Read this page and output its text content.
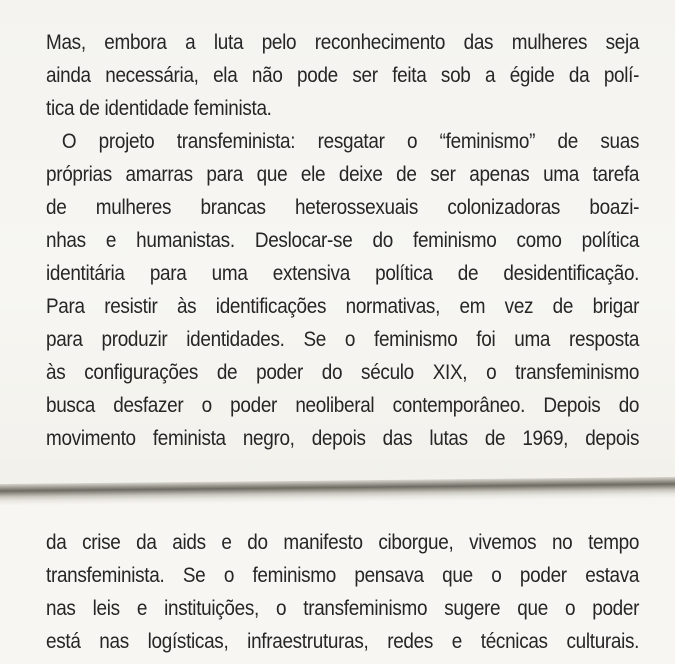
Mas, embora a luta pelo reconhecimento das mulheres seja
ainda necessária, ela não pode ser feita sob a égide da polí-
tica de identidade feminista.

O projeto transfeminista: resgatar o “feminismo” de suas
próprias amarras para que ele deixe de ser apenas uma tarefa
de mulheres brancas heterossexuais colonizadoras boazi-
nhas e humanistas. Deslocar-se do feminismo como política
identitária para uma extensiva política de desidentificação.
Para resistir às identificações normativas, em vez de brigar
para produzir identidades. Se o feminismo foi uma resposta
às configurações de poder do século XIX, o transfeminismo
busca desfazer o poder neoliberal contemporâneo. Depois do
movimento feminista negro, depois das lutas de 1969, depois

da crise da aids e do manifesto ciborgue, vivemos no tempo
transfeminista. Se o feminismo pensava que o poder estava
nas leis e instituições, o transfeminismo sugere que o poder
está nas logísticas, infraestruturas, redes e técnicas culturais.
